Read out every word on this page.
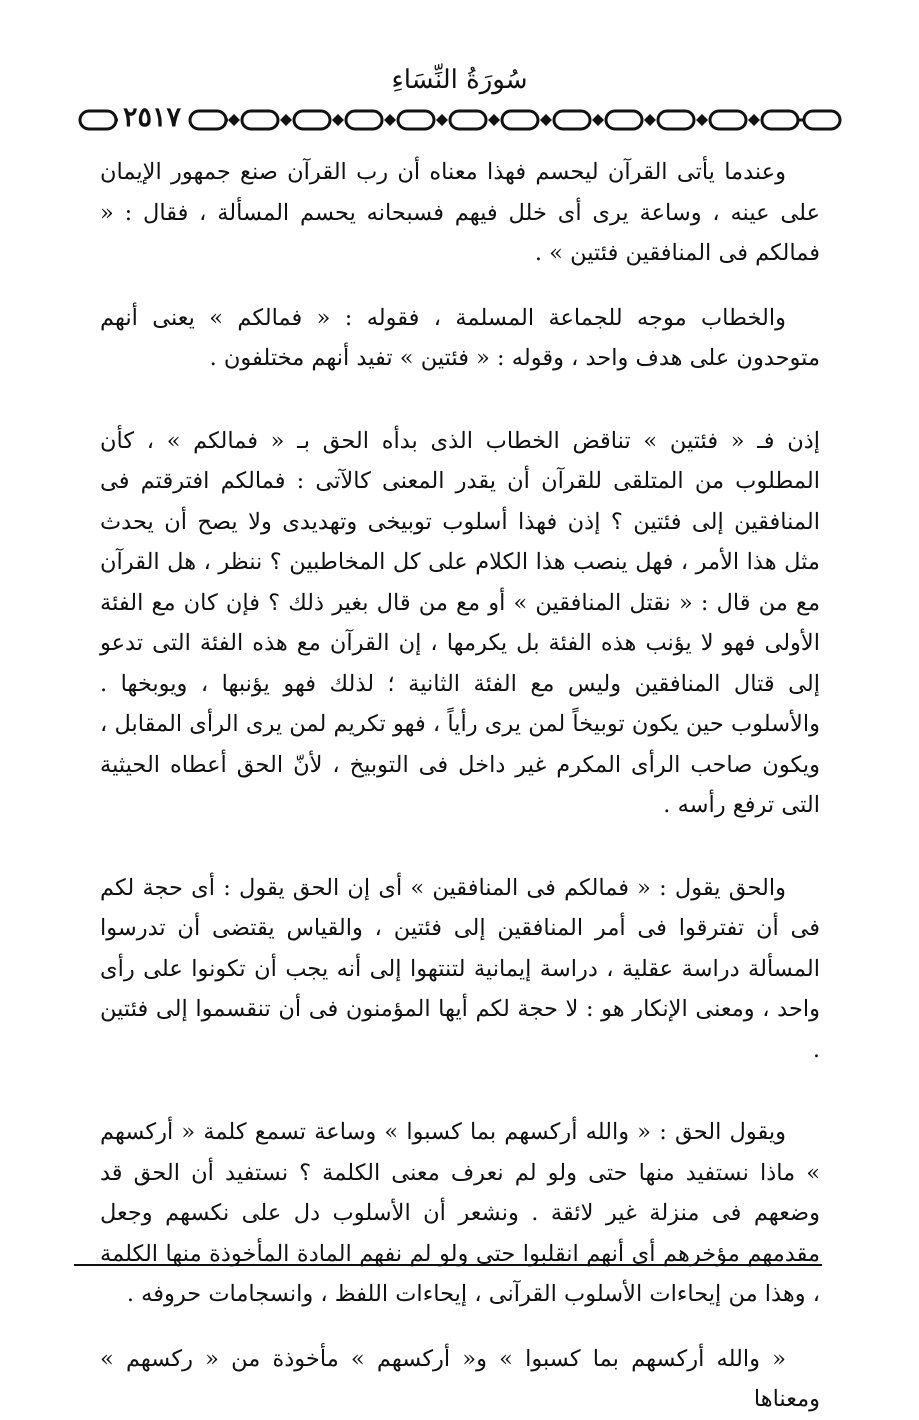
سُورَةُ النِّسَاءِ
٢٥١٧

وعندما يأتى القرآن ليحسم فهذا معناه أن رب القرآن صنع جمهور الإيمان على عينه ، وساعة يرى أى خلل فيهم فسبحانه يحسم المسألة ، فقال : « فمالكم فى المنافقين فئتين » .

والخطاب موجه للجماعة المسلمة ، فقوله : « فمالكم » يعنى أنهم متوحدون على هدف واحد ، وقوله : « فئتين » تفيد أنهم مختلفون .

إذن فـ « فئتين » تناقض الخطاب الذى بدأه الحق بـ « فمالكم » ، كأن المطلوب من المتلقى للقرآن أن يقدر المعنى كالآتى : فمالكم افترقتم فى المنافقين إلى فئتين ؟ إذن فهذا أسلوب توبيخى وتهديدى ولا يصح أن يحدث مثل هذا الأمر ، فهل ينصب هذا الكلام على كل المخاطبين ؟ ننظر ، هل القرآن مع من قال : « نقتل المنافقين » أو مع من قال بغير ذلك ؟ فإن كان مع الفئة الأولى فهو لا يؤنب هذه الفئة بل يكرمها ، إن القرآن مع هذه الفئة التى تدعو إلى قتال المنافقين وليس مع الفئة الثانية ؛ لذلك فهو يؤنبها ، ويوبخها . والأسلوب حين يكون توبيخاً لمن يرى رأياً ، فهو تكريم لمن يرى الرأى المقابل ، ويكون صاحب الرأى المكرم غير داخل فى التوبيخ ، لأنّ الحق أعطاه الحيثية التى ترفع رأسه .

والحق يقول : « فمالكم فى المنافقين » أى إن الحق يقول : أى حجة لكم فى أن تفترقوا فى أمر المنافقين إلى فئتين ، والقياس يقتضى أن تدرسوا المسألة دراسة عقلية ، دراسة إيمانية لتنتهوا إلى أنه يجب أن تكونوا على رأى واحد ، ومعنى الإنكار هو : لا حجة لكم أيها المؤمنون فى أن تنقسموا إلى فئتين .

ويقول الحق : « والله أركسهم بما كسبوا » وساعة تسمع كلمة « أركسهم » ماذا نستفيد منها حتى ولو لم نعرف معنى الكلمة ؟ نستفيد أن الحق قد وضعهم فى منزلة غير لائقة . ونشعر أن الأسلوب دل على نكسهم وجعل مقدمهم مؤخرهم أى أنهم انقلبوا حتى ولو لم نفهم المادة المأخوذة منها الكلمة ، وهذا من إيحاءات الأسلوب القرآنى ، إيحاءات اللفظ ، وانسجامات حروفه .

« والله أركسهم بما كسبوا » و« أركسهم » مأخوذة من « ركسهم » ومعناها
